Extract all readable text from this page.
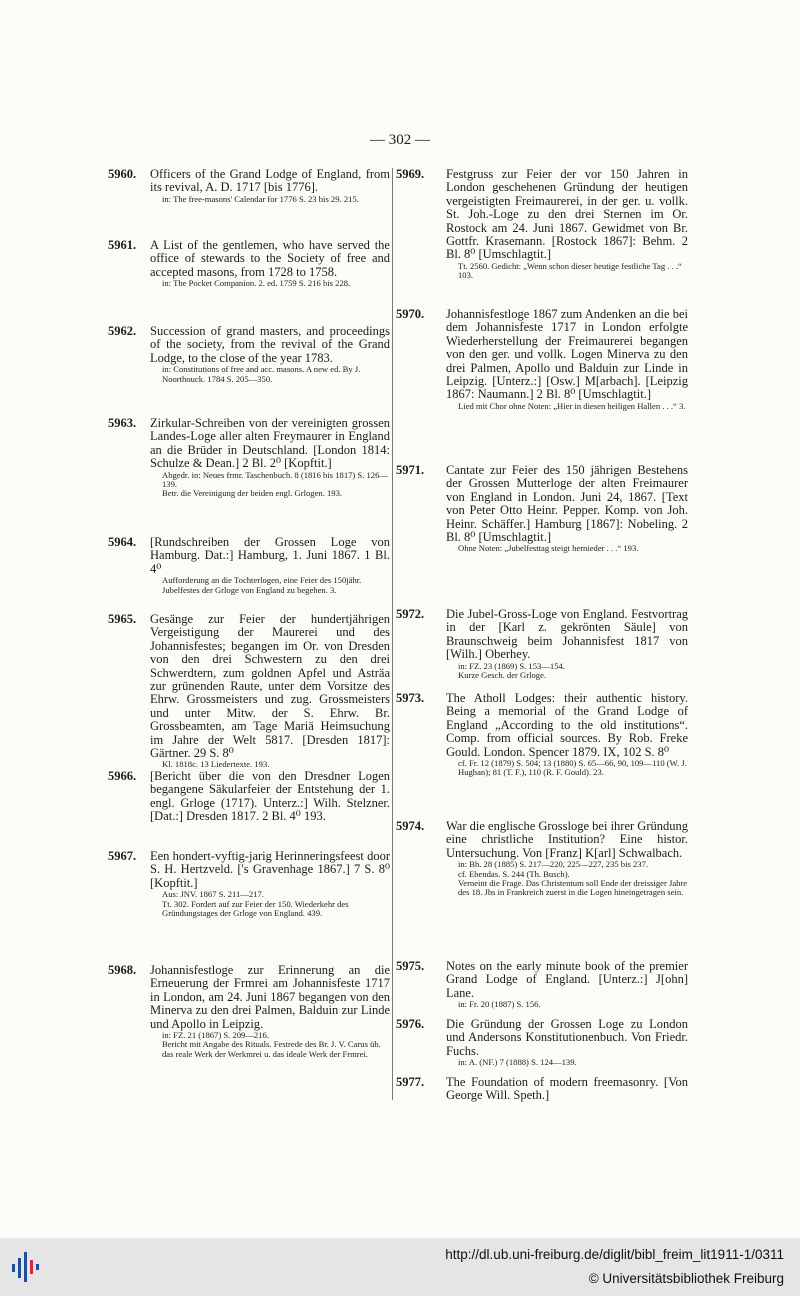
— 302 —
5960. Officers of the Grand Lodge of England, from its revival, A. D. 1717 [bis 1776].
in: The free-masons' Calendar for 1776 S. 23 bis 29. 215.
5961. A List of the gentlemen, who have served the office of stewards to the Society of free and accepted masons, from 1728 to 1758.
in: The Pocket Companion. 2. ed. 1759 S. 216 bis 228.
5962. Succession of grand masters, and proceedings of the society, from the revival of the Grand Lodge, to the close of the year 1783.
in: Constitutions of free and acc. masons. A new ed. By J. Noorthouck. 1784 S. 205—350.
5963. Zirkular-Schreiben von der vereinigten grossen Landes-Loge aller alten Freymaurer in England an die Brüder in Deutschland. [London 1814: Schulze & Dean.] 2 Bl. 2⁰ [Kopftit.]
Abgedr. in: Neues frmr. Taschenbuch. 8 (1816 bis 1817) S. 126—139.
Betr. die Vereinigung der beiden engl. Grlogen. 193.
5964. [Rundschreiben der Grossen Loge von Hamburg. Dat.:] Hamburg, 1. Juni 1867. 1 Bl. 4⁰
Aufforderung an die Tochterlogen, eine Feier des 150jähr. Jubelfestes der Grloge von England zu begehen. 3.
5965. Gesänge zur Feier der hundertjährigen Vergeistigung der Maurerei und des Johannisfestes; begangen im Or. von Dresden von den drei Schwestern zu den drei Schwerdtern, zum goldnen Apfel und Asträa zur grünenden Raute, unter dem Vorsitze des Ehrw. Grossmeisters und zug. Grossmeisters und unter Mitw. der S. Ehrw. Br. Grossbeamten, am Tage Mariä Heimsuchung im Jahre der Welt 5817. [Dresden 1817]: Gärtner. 29 S. 8⁰
Kl. 1818c. 13 Liedertexte. 193.
5966. [Bericht über die von den Dresdner Logen begangene Säkularfeier der Entstehung der 1. engl. Grloge (1717). Unterz.:] Wilh. Stelzner. [Dat.:] Dresden 1817. 2 Bl. 4⁰ 193.
5967. Een hondert-vyftig-jarig Herinneringsfeest door S. H. Hertzveld. ['s Gravenhage 1867.] 7 S. 8⁰ [Kopftit.]
Aus: JNV. 1867 S. 211—217.
Tt. 302. Fordert auf zur Feier der 150. Wiederkehr des Gründungstages der Grloge von England. 439.
5968. Johannisfestloge zur Erinnerung an die Erneuerung der Frmrei am Johannisfeste 1717 in London, am 24. Juni 1867 begangen von den Minerva zu den drei Palmen, Balduin zur Linde und Apollo in Leipzig.
in: FZ. 21 (1867) S. 209—216.
Bericht mit Angabe des Rituals. Festrede des Br. J. V. Carus üb. das reale Werk der Werkmrei u. das ideale Werk der Frmrei.
5969. Festgruss zur Feier der vor 150 Jahren in London geschehenen Gründung der heutigen vergeistigten Freimaurerei, in der ger. u. vollk. St. Joh.-Loge zu den drei Sternen im Or. Rostock am 24. Juni 1867. Gewidmet von Br. Gottfr. Krasemann. [Rostock 1867]: Behm. 2 Bl. 8⁰ [Umschlagtit.]
Tt. 2560. Gedicht: „Wenn schon dieser heutige festliche Tag . . .“ 103.
5970. Johannisfestloge 1867 zum Andenken an die bei dem Johannisfeste 1717 in London erfolgte Wiederherstellung der Freimaurerei begangen von den ger. und vollk. Logen Minerva zu den drei Palmen, Apollo und Balduin zur Linde in Leipzig. [Unterz.:] [Osw.] M[arbach]. [Leipzig 1867: Naumann.] 2 Bl. 8⁰ [Umschlagtit.]
Lied mit Chor ohne Noten: „Hier in diesen heiligen Hallen . . .“ 3.
5971. Cantate zur Feier des 150 jährigen Bestehens der Grossen Mutterloge der alten Freimaurer von England in London. Juni 24, 1867. [Text von Peter Otto Heinr. Pepper. Komp. von Joh. Heinr. Schäffer.] Hamburg [1867]: Nobeling. 2 Bl. 8⁰ [Umschlagtit.]
Ohne Noten: „Jubelfesttag steigt hernieder . . .“ 193.
5972. Die Jubel-Gross-Loge von England. Festvortrag in der [Karl z. gekrönten Säule] von Braunschweig beim Johannisfest 1817 von [Wilh.] Oberhey.
in: FZ. 23 (1869) S. 153—154.
Kurze Gesch. der Grloge.
5973. The Atholl Lodges: their authentic history. Being a memorial of the Grand Lodge of England „According to the old institutions“. Comp. from official sources. By Rob. Freke Gould. London. Spencer 1879. IX, 102 S. 8⁰
cf. Fr. 12 (1879) S. 504; 13 (1880) S. 65—66, 90, 109—110 (W. J. Hughan); 81 (T. F.), 110 (R. F. Gould). 23.
5974. War die englische Grossloge bei ihrer Gründung eine christliche Institution? Eine histor. Untersuchung. Von [Franz] K[arl] Schwalbach.
in: Bh. 28 (1885) S. 217—220, 225—227, 235 bis 237.
cf. Ebendas. S. 244 (Th. Busch).
Verneint die Frage. Das Christentum soll Ende der dreissiger Jahre des 18. Jhs in Frankreich zuerst in die Logen hineingetragen sein.
5975. Notes on the early minute book of the premier Grand Lodge of England. [Unterz.:] J[ohn] Lane.
in: Fr. 20 (1887) S. 156.
5976. Die Gründung der Grossen Loge zu London und Andersons Konstitutionenbuch. Von Friedr. Fuchs.
in: A. (NF.) 7 (1888) S. 124—139.
5977. The Foundation of modern freemasonry. [Von George Will. Speth.]
http://dl.ub.uni-freiburg.de/diglit/bibl_freim_lit1911-1/0311
© Universitätsbibliothek Freiburg
